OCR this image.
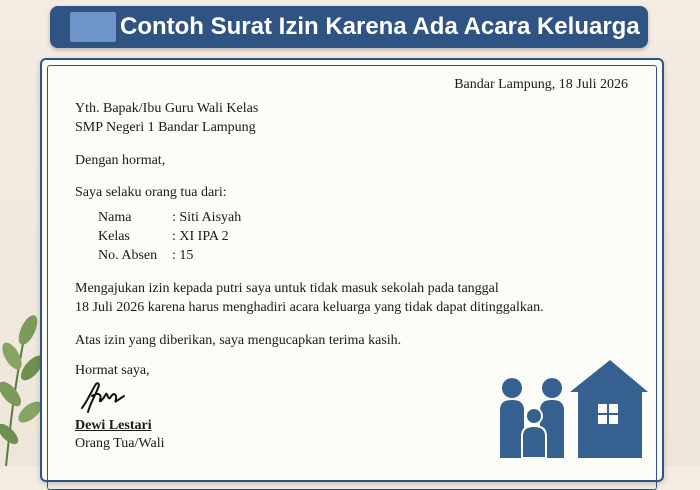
Contoh Surat Izin Karena Ada Acara Keluarga
Bandar Lampung, 18 Juli 2026
Yth. Bapak/Ibu Guru Wali Kelas
SMP Negeri 1 Bandar Lampung
Dengan hormat,
Saya selaku orang tua dari:
Nama	: Siti Aisyah
Kelas	: XI IPA 2
No. Absen : 15
Mengajukan izin kepada putri saya untuk tidak masuk sekolah pada tanggal
18 Juli 2026 karena harus menghadiri acara keluarga yang tidak dapat ditinggalkan.
Atas izin yang diberikan, saya mengucapkan terima kasih.
Hormat saya,
Dewi Lestari
Orang Tua/Wali
